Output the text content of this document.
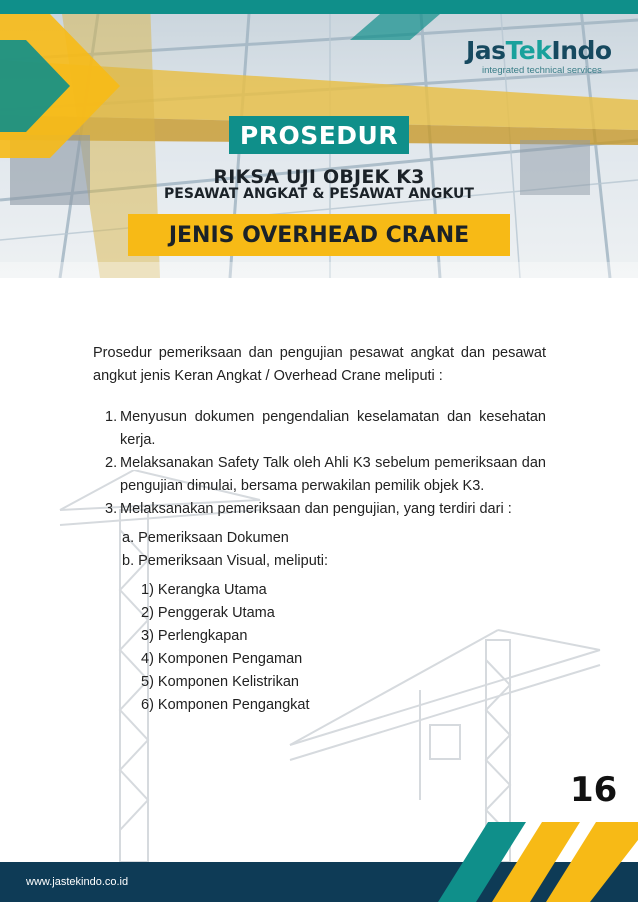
JasTekIndo
integrated technical services
PROSEDUR
RIKSA UJI OBJEK K3
PESAWAT ANGKAT & PESAWAT ANGKUT
JENIS OVERHEAD CRANE

Prosedur pemeriksaan dan pengujian pesawat angkat dan pesawat angkut jenis Keran Angkat / Overhead Crane meliputi :

1. Menyusun dokumen pengendalian keselamatan dan kesehatan kerja.
2. Melaksanakan Safety Talk oleh Ahli K3 sebelum pemeriksaan dan pengujian dimulai, bersama perwakilan pemilik objek K3.
3. Melaksanakan pemeriksaan dan pengujian, yang terdiri dari :
a. Pemeriksaan Dokumen
b. Pemeriksaan Visual, meliputi:
1) Kerangka Utama
2) Penggerak Utama
3) Perlengkapan
4) Komponen Pengaman
5) Komponen Kelistrikan
6) Komponen Pengangkat
16
www.jastekindo.co.id
